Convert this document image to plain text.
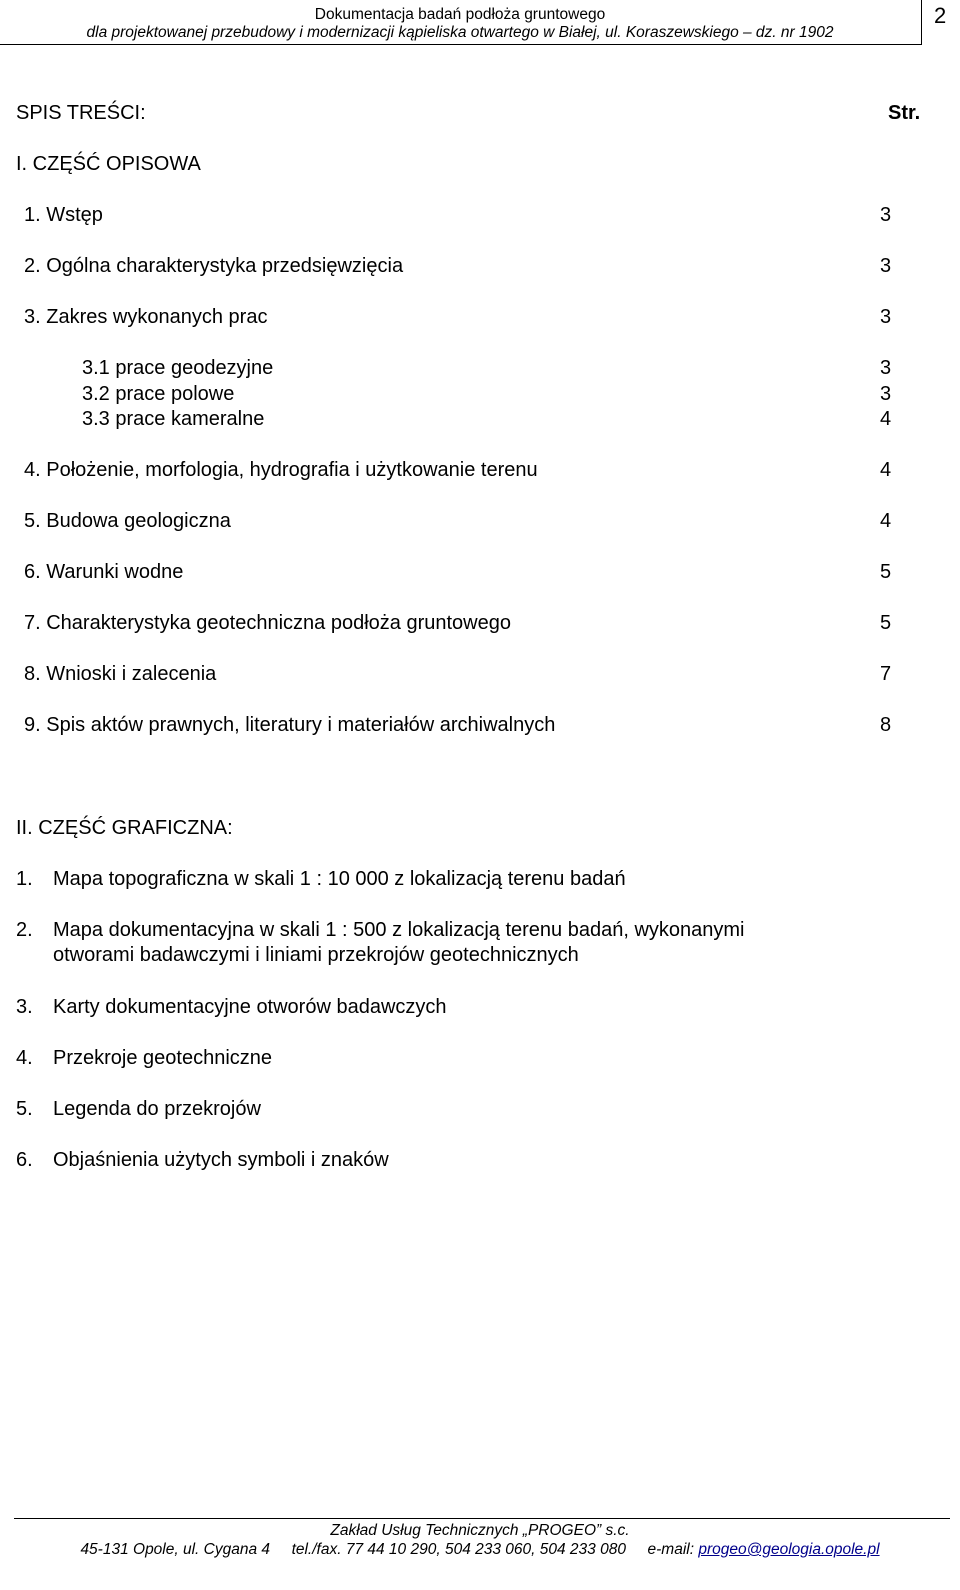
Dokumentacja badań podłoża gruntowego
dla projektowanej przebudowy i modernizacji kąpieliska otwartego w Białej, ul. Koraszewskiego – dz. nr 1902
2
SPIS TREŚCI:	Str.
I. CZĘŚĆ OPISOWA
1. Wstęp	3
2. Ogólna charakterystyka przedsięwzięcia	3
3. Zakres wykonanych prac	3
3.1 prace geodezyjne	3
3.2 prace polowe	3
3.3 prace kameralne	4
4. Położenie, morfologia, hydrografia i użytkowanie terenu	4
5. Budowa geologiczna	4
6. Warunki wodne	5
7. Charakterystyka geotechniczna podłoża gruntowego	5
8. Wnioski i zalecenia	7
9. Spis aktów prawnych, literatury i materiałów archiwalnych	8
II. CZĘŚĆ GRAFICZNA:
1. Mapa topograficzna w skali 1 : 10 000 z lokalizacją terenu badań
2. Mapa dokumentacyjna w skali 1 : 500 z lokalizacją terenu badań, wykonanymi
otworami badawczymi i liniami przekrojów geotechnicznych
3. Karty dokumentacyjne otworów badawczych
4. Przekroje geotechniczne
5. Legenda do przekrojów
6. Objaśnienia użytych symboli i znaków
Zakład Usług Technicznych „PROGEO” s.c.
45-131 Opole, ul. Cygana 4 tel./fax. 77 44 10 290, 504 233 060, 504 233 080 e-mail: progeo@geologia.opole.pl
